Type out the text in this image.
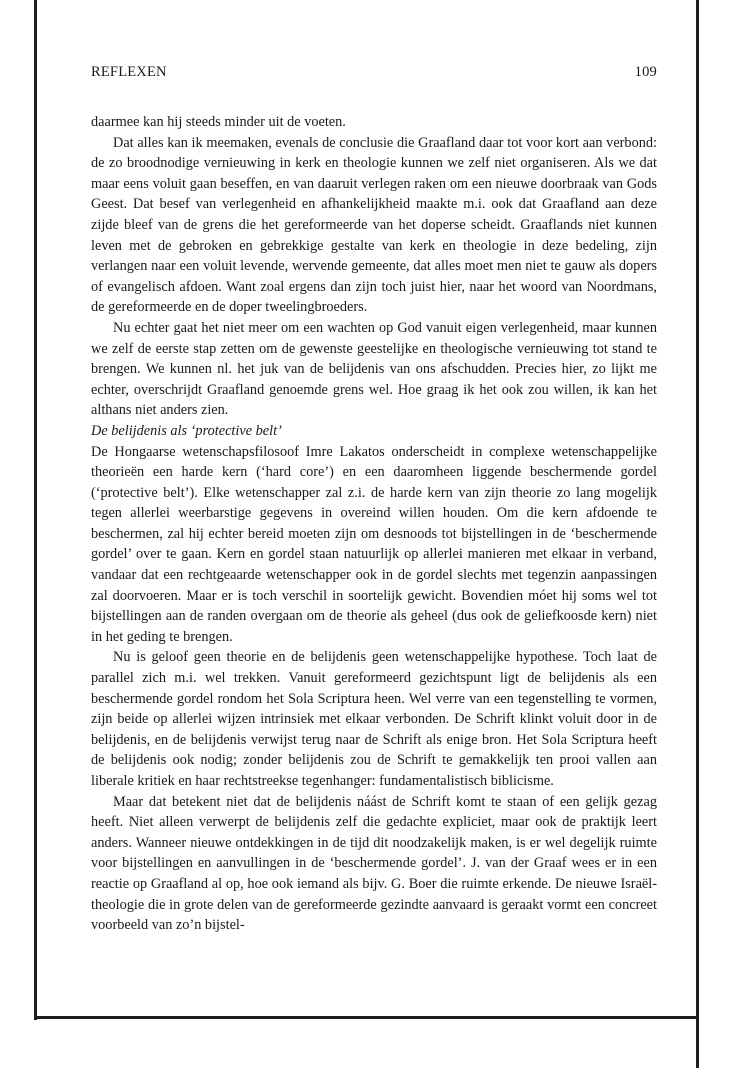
REFLEXEN	109

daarmee kan hij steeds minder uit de voeten.

Dat alles kan ik meemaken, evenals de conclusie die Graafland daar tot voor kort aan verbond: de zo broodnodige vernieuwing in kerk en theologie kunnen we zelf niet organiseren. Als we dat maar eens voluit gaan beseffen, en van daaruit verlegen raken om een nieuwe doorbraak van Gods Geest. Dat besef van verlegenheid en afhankelijkheid maakte m.i. ook dat Graafland aan deze zijde bleef van de grens die het gereformeerde van het doperse scheidt. Graaflands niet kunnen leven met de gebroken en gebrekkige gestalte van kerk en theologie in deze bedeling, zijn verlangen naar een voluit levende, wervende gemeente, dat alles moet men niet te gauw als dopers of evangelisch afdoen. Want zoal ergens dan zijn toch juist hier, naar het woord van Noordmans, de gereformeerde en de doper tweelingbroeders.

Nu echter gaat het niet meer om een wachten op God vanuit eigen verlegenheid, maar kunnen we zelf de eerste stap zetten om de gewenste geestelijke en theologische vernieuwing tot stand te brengen. We kunnen nl. het juk van de belijdenis van ons afschudden. Precies hier, zo lijkt me echter, overschrijdt Graafland genoemde grens wel. Hoe graag ik het ook zou willen, ik kan het althans niet anders zien.

De belijdenis als ‘protective belt’

De Hongaarse wetenschapsfilosoof Imre Lakatos onderscheidt in complexe wetenschappelijke theorieën een harde kern (‘hard core’) en een daaromheen liggende beschermende gordel (‘protective belt’). Elke wetenschapper zal z.i. de harde kern van zijn theorie zo lang mogelijk tegen allerlei weerbarstige gegevens in overeind willen houden. Om die kern afdoende te beschermen, zal hij echter bereid moeten zijn om desnoods tot bijstellingen in de ‘beschermende gordel’ over te gaan. Kern en gordel staan natuurlijk op allerlei manieren met elkaar in verband, vandaar dat een rechtgeaarde wetenschapper ook in de gordel slechts met tegenzin aanpassingen zal doorvoeren. Maar er is toch verschil in soortelijk gewicht. Bovendien móet hij soms wel tot bijstellingen aan de randen overgaan om de theorie als geheel (dus ook de geliefkoosde kern) niet in het geding te brengen.

Nu is geloof geen theorie en de belijdenis geen wetenschappelijke hypothese. Toch laat de parallel zich m.i. wel trekken. Vanuit gereformeerd gezichtspunt ligt de belijdenis als een beschermende gordel rondom het Sola Scriptura heen. Wel verre van een tegenstelling te vormen, zijn beide op allerlei wijzen intrinsiek met elkaar verbonden. De Schrift klinkt voluit door in de belijdenis, en de belijdenis verwijst terug naar de Schrift als enige bron. Het Sola Scriptura heeft de belijdenis ook nodig; zonder belijdenis zou de Schrift te gemakkelijk ten prooi vallen aan liberale kritiek en haar rechtstreekse tegenhanger: fundamentalistisch biblicisme.

Maar dat betekent niet dat de belijdenis náást de Schrift komt te staan of een gelijk gezag heeft. Niet alleen verwerpt de belijdenis zelf die gedachte expliciet, maar ook de praktijk leert anders. Wanneer nieuwe ontdekkingen in de tijd dit noodzakelijk maken, is er wel degelijk ruimte voor bijstellingen en aanvullingen in de ‘beschermende gordel’. J. van der Graaf wees er in een reactie op Graafland al op, hoe ook iemand als bijv. G. Boer die ruimte erkende. De nieuwe Israël-theologie die in grote delen van de gereformeerde gezindte aanvaard is geraakt vormt een concreet voorbeeld van zo’n bijstel-
